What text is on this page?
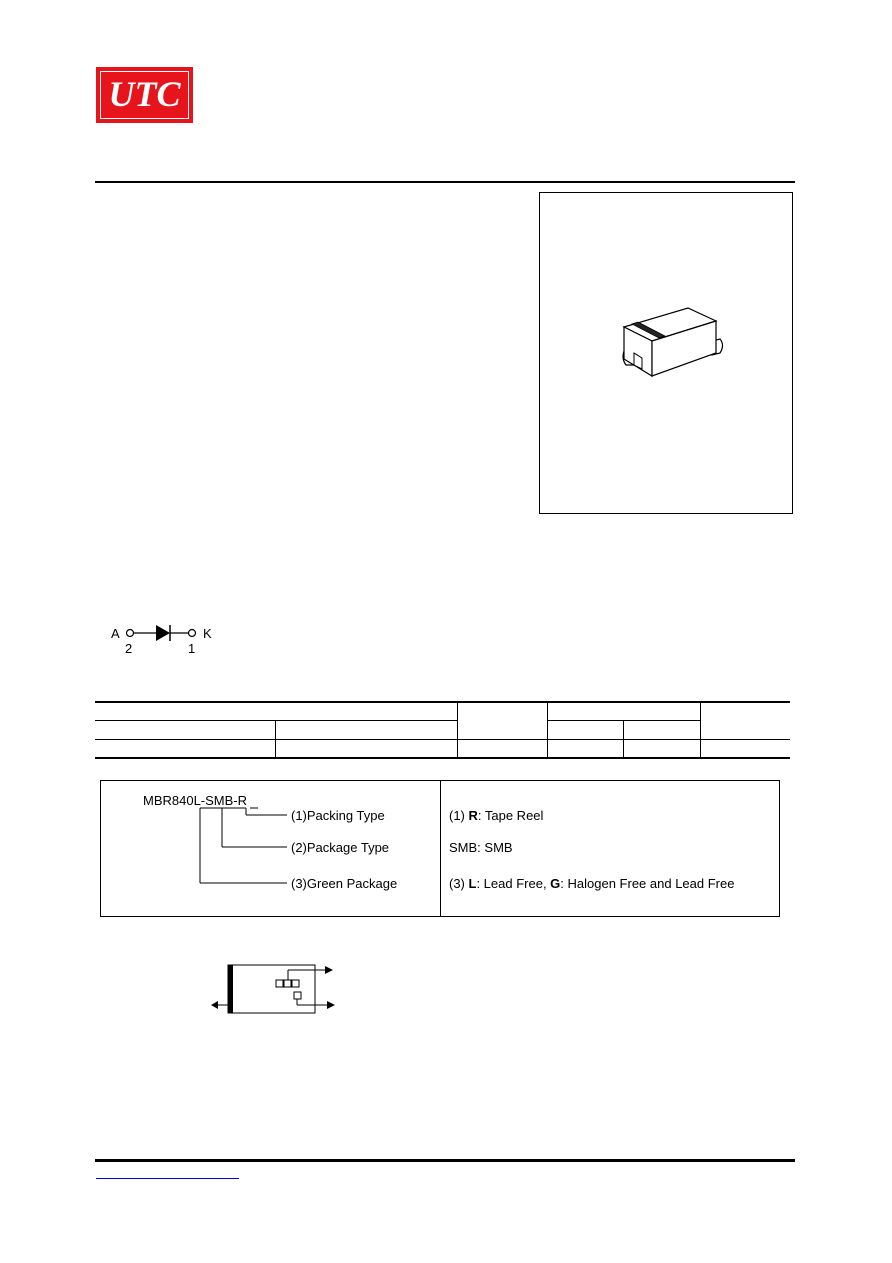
UTC
A	K
2	1
MBR840L-SMB-R
(1)Packing Type
(2)Package Type
(3)Green Package
(1) R: Tape Reel
SMB: SMB
(3) L: Lead Free, G: Halogen Free and Lead Free
